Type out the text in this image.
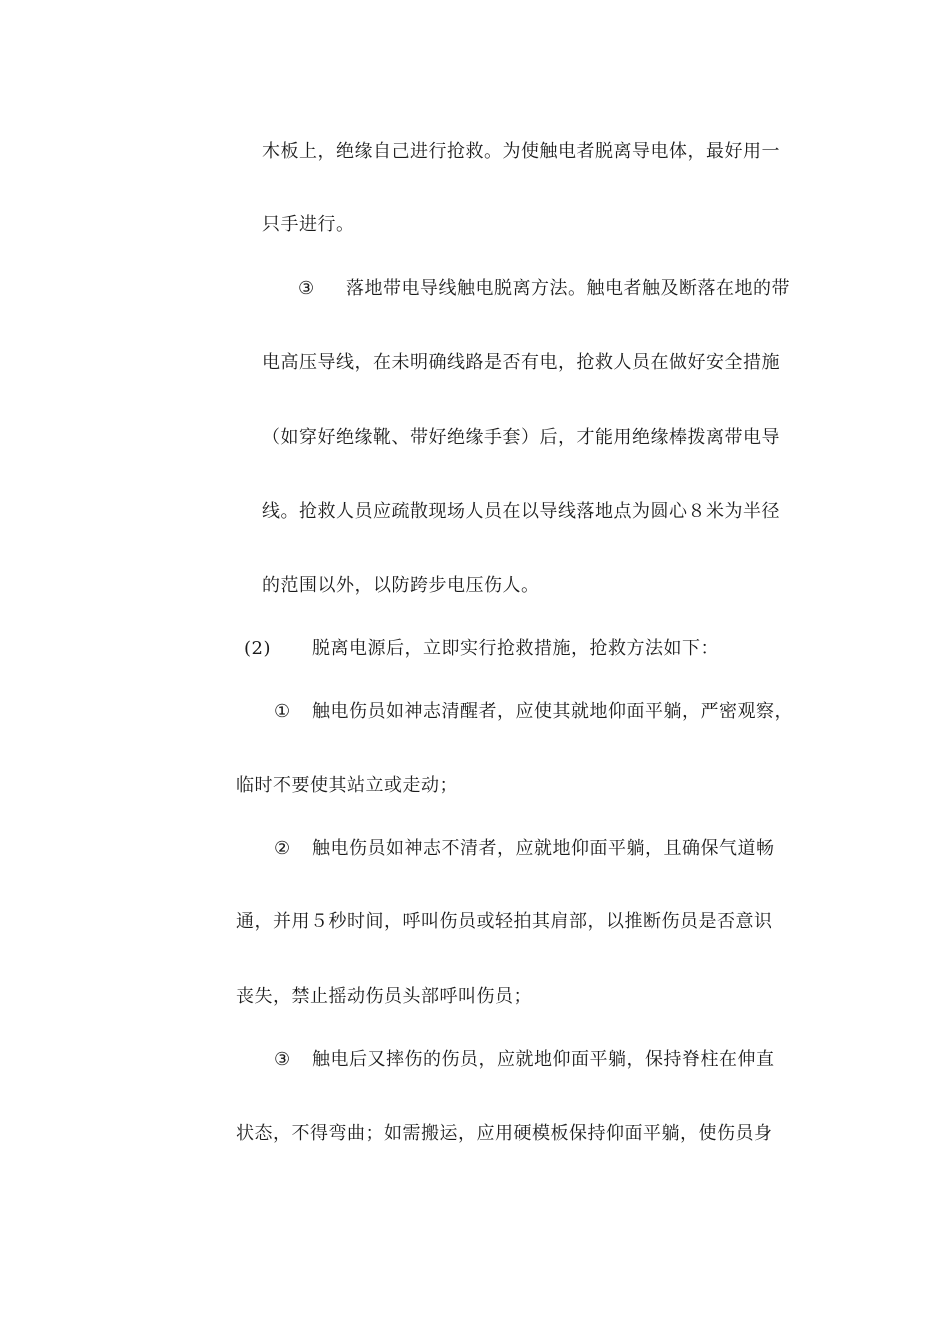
木板上，绝缘自己进行抢救。为使触电者脱离导电体，最好用一
只手进行。
③ 落地带电导线触电脱离方法。触电者触及断落在地的带
电高压导线，在未明确线路是否有电，抢救人员在做好安全措施
（如穿好绝缘靴、带好绝缘手套）后，才能用绝缘棒拨离带电导
线。抢救人员应疏散现场人员在以导线落地点为圆心８米为半径
的范围以外，以防跨步电压伤人。
(2) 脱离电源后，立即实行抢救措施，抢救方法如下：
① 触电伤员如神志清醒者，应使其就地仰面平躺，严密观察，
临时不要使其站立或走动；
② 触电伤员如神志不清者，应就地仰面平躺，且确保气道畅
通，并用５秒时间，呼叫伤员或轻拍其肩部，以推断伤员是否意识
丧失，禁止摇动伤员头部呼叫伤员；
③ 触电后又摔伤的伤员，应就地仰面平躺，保持脊柱在伸直
状态，不得弯曲；如需搬运，应用硬模板保持仰面平躺，使伤员身
